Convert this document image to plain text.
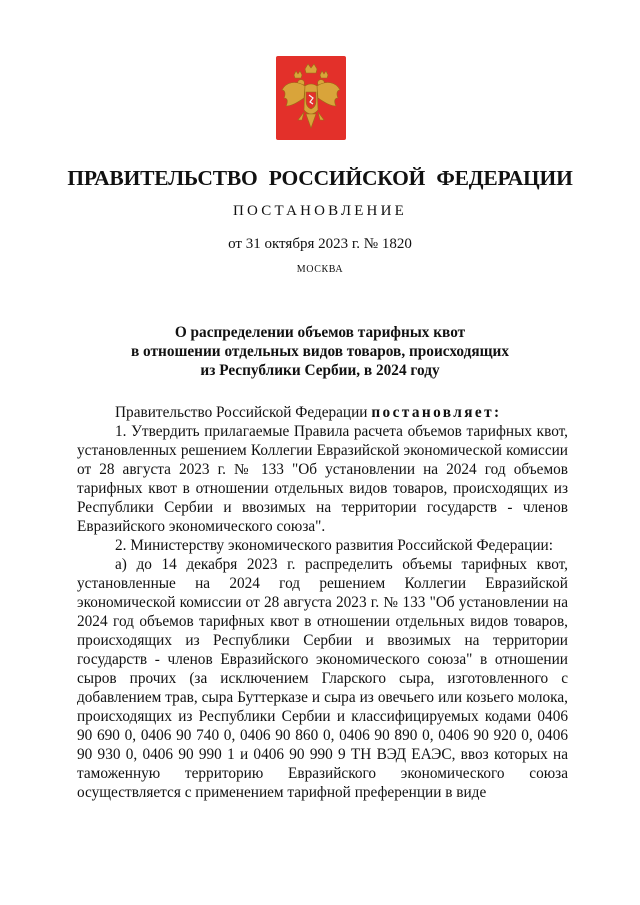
ПРАВИТЕЛЬСТВО РОССИЙСКОЙ ФЕДЕРАЦИИ
ПОСТАНОВЛЕНИЕ
от 31 октября 2023 г. № 1820
МОСКВА
О распределении объемов тарифных квот
в отношении отдельных видов товаров, происходящих
из Республики Сербии, в 2024 году

Правительство Российской Федерации постановляет:

1. Утвердить прилагаемые Правила расчета объемов тарифных квот, установленных решением Коллегии Евразийской экономической комиссии от 28 августа 2023 г. № 133 "Об установлении на 2024 год объемов тарифных квот в отношении отдельных видов товаров, происходящих из Республики Сербии и ввозимых на территории государств - членов Евразийского экономического союза".

2. Министерству экономического развития Российской Федерации:

а) до 14 декабря 2023 г. распределить объемы тарифных квот, установленные на 2024 год решением Коллегии Евразийской экономической комиссии от 28 августа 2023 г. № 133 "Об установлении на 2024 год объемов тарифных квот в отношении отдельных видов товаров, происходящих из Республики Сербии и ввозимых на территории государств - членов Евразийского экономического союза" в отношении сыров прочих (за исключением Гларского сыра, изготовленного с добавлением трав, сыра Буттерказе и сыра из овечьего или козьего молока, происходящих из Республики Сербии и классифицируемых кодами 0406 90 690 0, 0406 90 740 0, 0406 90 860 0, 0406 90 890 0, 0406 90 920 0, 0406 90 930 0, 0406 90 990 1 и 0406 90 990 9 ТН ВЭД ЕАЭС, ввоз которых на таможенную территорию Евразийского экономического союза осуществляется с применением тарифной преференции в виде
